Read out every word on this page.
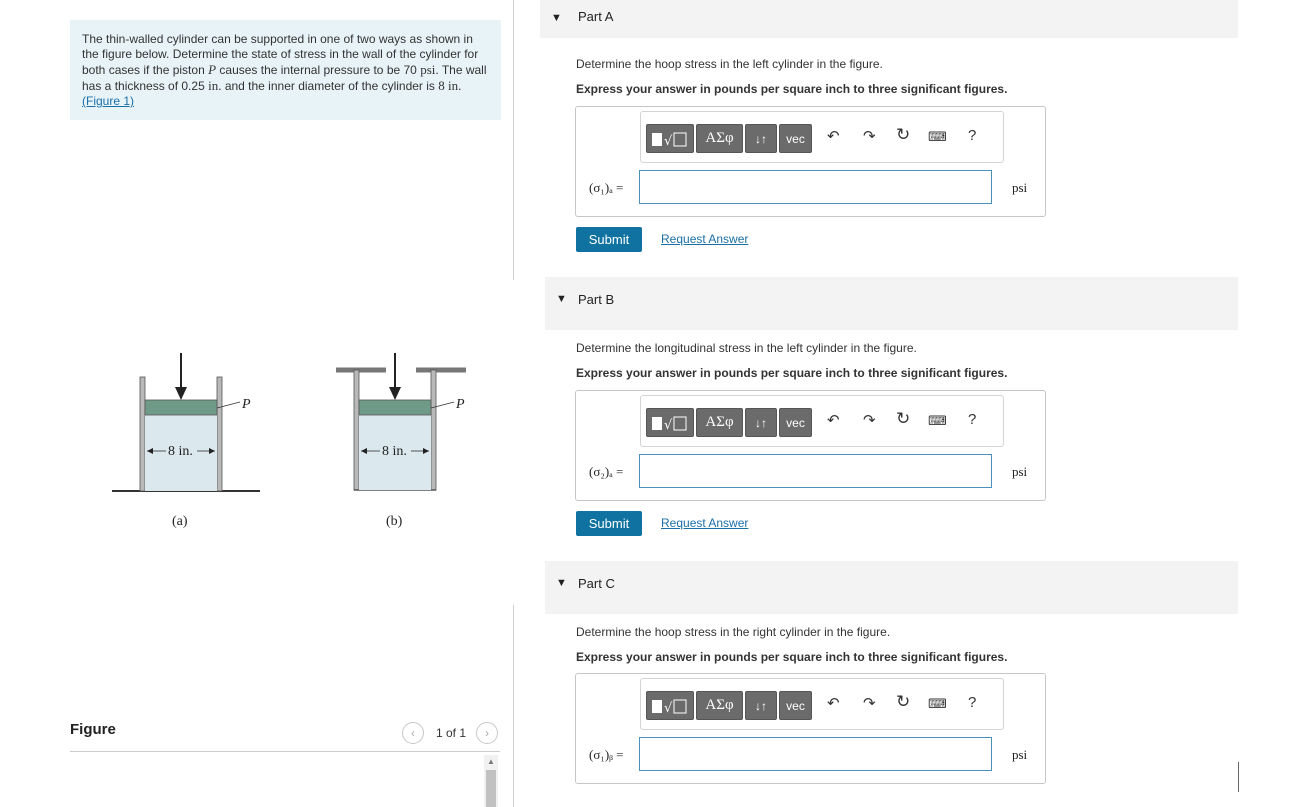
The thin-walled cylinder can be supported in one of two ways as shown in the figure below. Determine the state of stress in the wall of the cylinder for both cases if the piston P causes the internal pressure to be 70 psi. The wall has a thickness of 0.25 in. and the inner diameter of the cylinder is 8 in. (Figure 1)
P
8 in.
(a)
P
8 in.
(b)
Figure	‹ 1 of 1 ›
▲
▼ Part A
Determine the hoop stress in the left cylinder in the figure.
Express your answer in pounds per square inch to three significant figures.
√	ΑΣφ	↓↑	vec	↶ ↷ ↻ ⌨ ?
(σ₁)ₐ =	psi
Submit	Request Answer
▼ Part B
Determine the longitudinal stress in the left cylinder in the figure.
Express your answer in pounds per square inch to three significant figures.
√	ΑΣφ	↓↑	vec	↶ ↷ ↻ ⌨ ?
(σ₂)ₐ =	psi
Submit	Request Answer
▼ Part C
Determine the hoop stress in the right cylinder in the figure.
Express your answer in pounds per square inch to three significant figures.
√	ΑΣφ	↓↑	vec	↶ ↷ ↻ ⌨ ?
(σ₁)ᵦ =	psi
